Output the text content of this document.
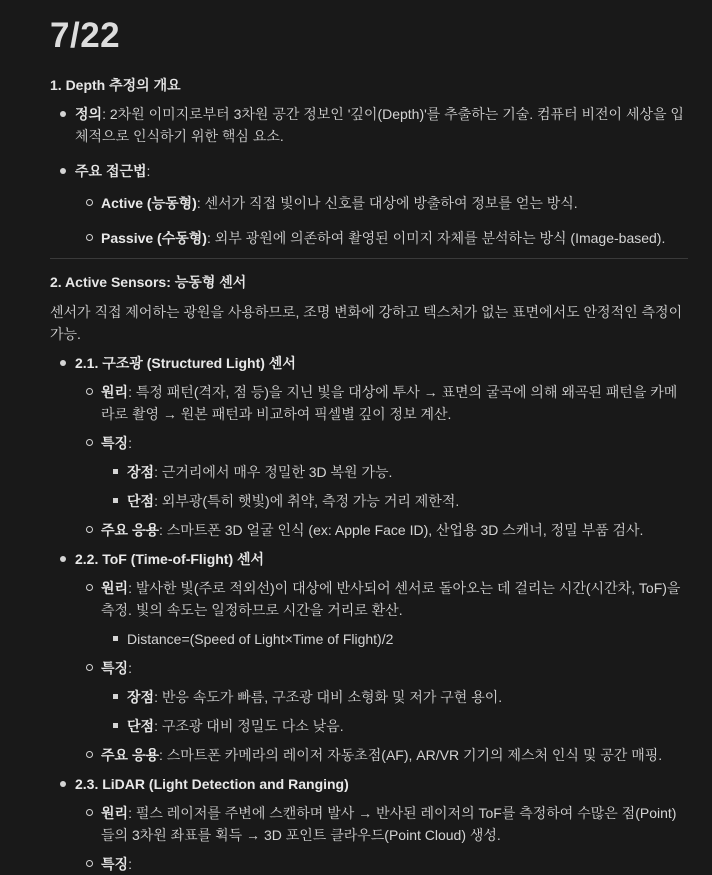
7/22
1. Depth 추정의 개요
정의: 2차원 이미지로부터 3차원 공간 정보인 '깊이(Depth)'를 추출하는 기술. 컴퓨터 비전이 세상을 입체적으로 인식하기 위한 핵심 요소.
주요 접근법:
Active (능동형): 센서가 직접 빛이나 신호를 대상에 방출하여 정보를 얻는 방식.
Passive (수동형): 외부 광원에 의존하여 촬영된 이미지 자체를 분석하는 방식 (Image-based).
2. Active Sensors: 능동형 센서

센서가 직접 제어하는 광원을 사용하므로, 조명 변화에 강하고 텍스처가 없는 표면에서도 안정적인 측정이 가능.

2.1. 구조광 (Structured Light) 센서
원리: 특정 패턴(격자, 점 등)을 지닌 빛을 대상에 투사 → 표면의 굴곡에 의해 왜곡된 패턴을 카메라로 촬영 → 원본 패턴과 비교하여 픽셀별 깊이 정보 계산.
특징:
장점: 근거리에서 매우 정밀한 3D 복원 가능.
단점: 외부광(특히 햇빛)에 취약, 측정 가능 거리 제한적.
주요 응용: 스마트폰 3D 얼굴 인식 (ex: Apple Face ID), 산업용 3D 스캐너, 정밀 부품 검사.
2.2. ToF (Time-of-Flight) 센서
원리: 발사한 빛(주로 적외선)이 대상에 반사되어 센서로 돌아오는 데 걸리는 시간(시간차, ToF)을 측정. 빛의 속도는 일정하므로 시간을 거리로 환산.
Distance=(Speed of Light×Time of Flight)/2
특징:
장점: 반응 속도가 빠름, 구조광 대비 소형화 및 저가 구현 용이.
단점: 구조광 대비 정밀도 다소 낮음.
주요 응용: 스마트폰 카메라의 레이저 자동초점(AF), AR/VR 기기의 제스처 인식 및 공간 매핑.
2.3. LiDAR (Light Detection and Ranging)
원리: 펄스 레이저를 주변에 스캔하며 발사 → 반사된 레이저의 ToF를 측정하여 수많은 점(Point)들의 3차원 좌표를 획득 → 3D 포인트 클라우드(Point Cloud) 생성.
특징:
